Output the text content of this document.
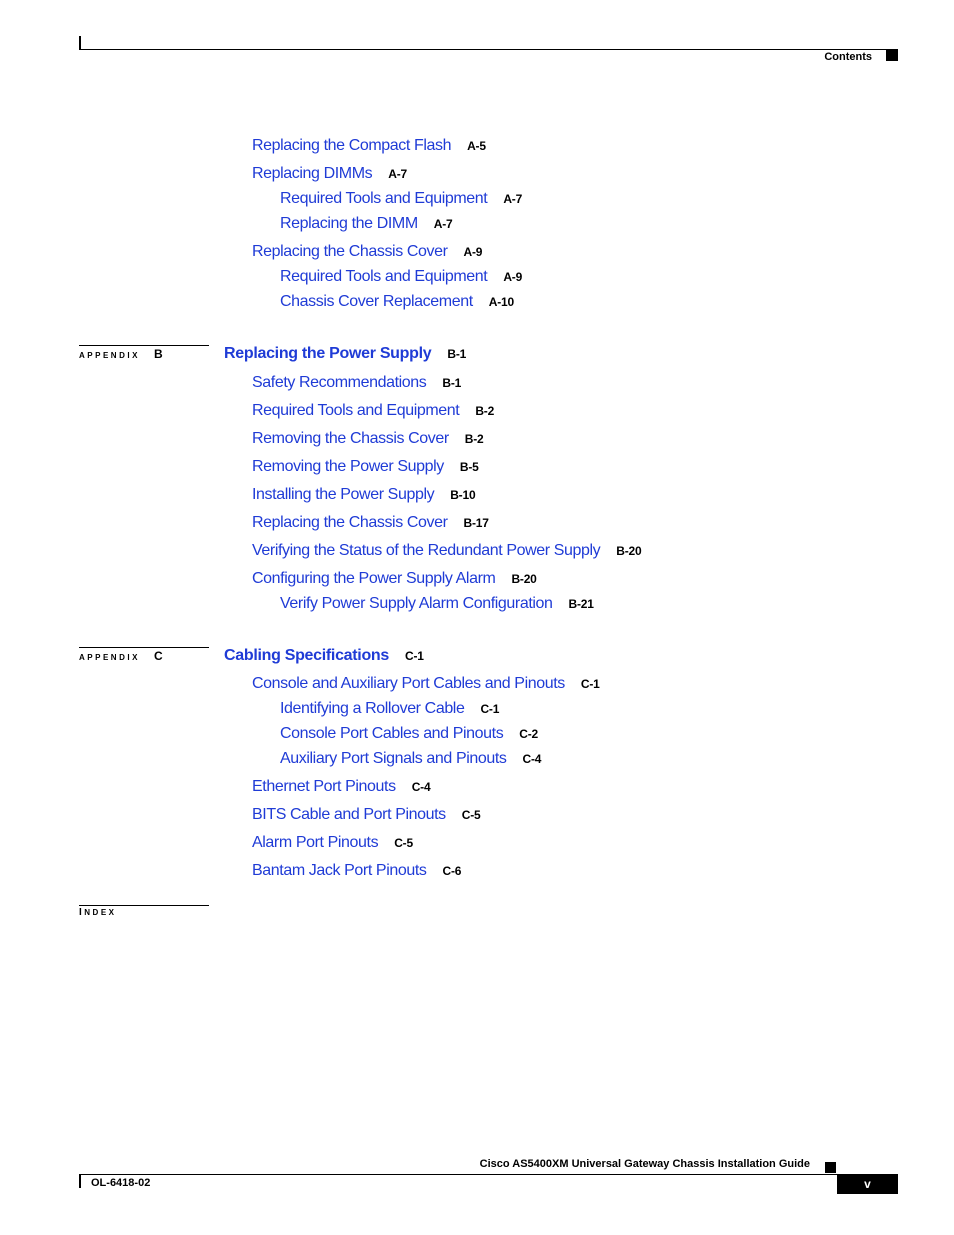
Contents
Replacing the Compact Flash A-5
Replacing DIMMs A-7
Required Tools and Equipment A-7
Replacing the DIMM A-7
Replacing the Chassis Cover A-9
Required Tools and Equipment A-9
Chassis Cover Replacement A-10
APPENDIX B	Replacing the Power Supply B-1
Safety Recommendations B-1
Required Tools and Equipment B-2
Removing the Chassis Cover B-2
Removing the Power Supply B-5
Installing the Power Supply B-10
Replacing the Chassis Cover B-17
Verifying the Status of the Redundant Power Supply B-20
Configuring the Power Supply Alarm B-20
Verify Power Supply Alarm Configuration B-21
APPENDIX C	Cabling Specifications C-1
Console and Auxiliary Port Cables and Pinouts C-1
Identifying a Rollover Cable C-1
Console Port Cables and Pinouts C-2
Auxiliary Port Signals and Pinouts C-4
Ethernet Port Pinouts C-4
BITS Cable and Port Pinouts C-5
Alarm Port Pinouts C-5
Bantam Jack Port Pinouts C-6
INDEX
Cisco AS5400XM Universal Gateway Chassis Installation Guide
OL-6418-02	v
